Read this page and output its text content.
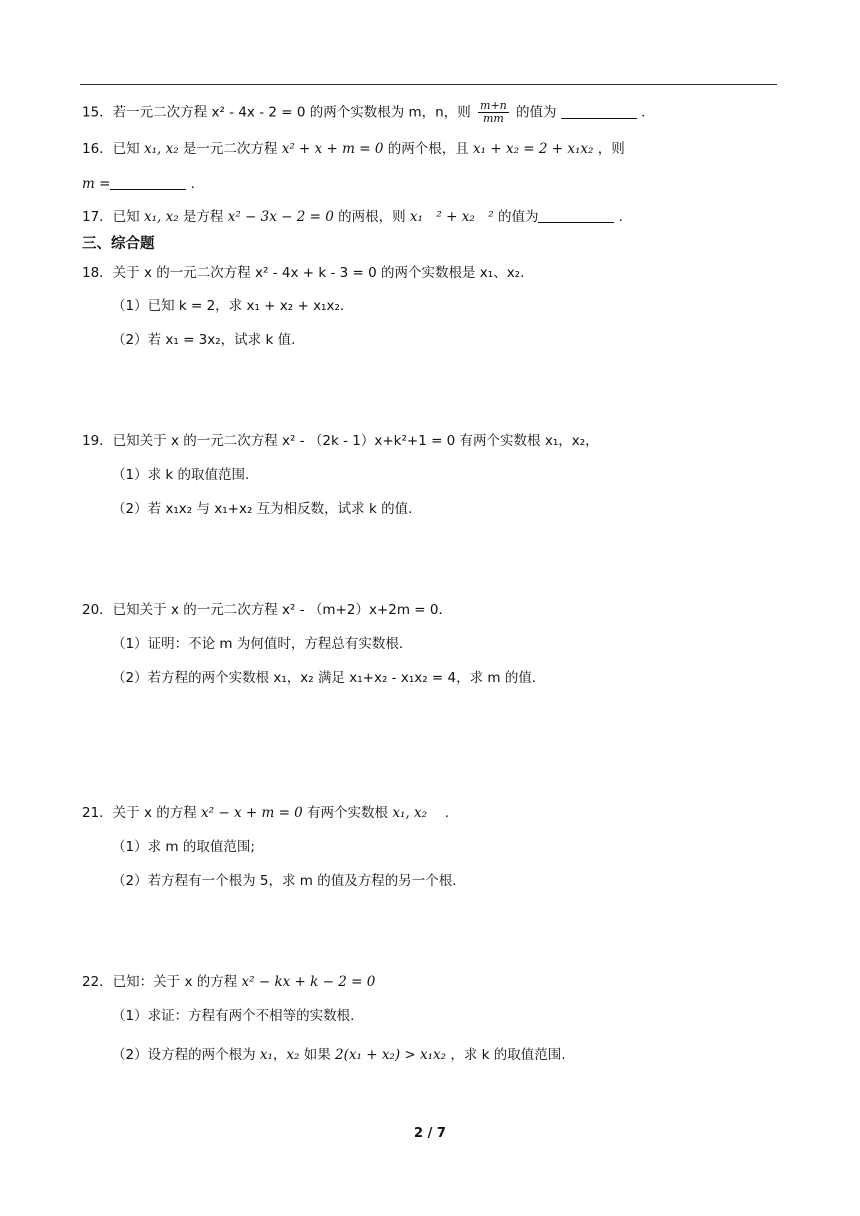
15．若一元二次方程 x² - 4x - 2 = 0 的两个实数根为 m，n，则 $\frac{m+n}{mm}$ 的值为	．
16．已知 x₁, x₂ 是一元二次方程 x² + x + m = 0 的两个根，且 x₁ + x₂ = 2 + x₁x₂ ，则
m =	．
17．已知 x₁, x₂ 是方程 x² − 3x − 2 = 0 的两根，则 x₁　² + x₂　² 的值为	．
三、综合题
18．关于 x 的一元二次方程 x² - 4x + k - 3 = 0 的两个实数根是 x₁、x₂.
（1）已知 k = 2，求 x₁ + x₂ + x₁x₂.
（2）若 x₁ = 3x₂，试求 k 值.
19．已知关于 x 的一元二次方程 x² - （2k - 1）x+k²+1 = 0 有两个实数根 x₁，x₂，
（1）求 k 的取值范围.
（2）若 x₁x₂ 与 x₁+x₂ 互为相反数，试求 k 的值.
20．已知关于 x 的一元二次方程 x² - （m+2）x+2m = 0．
（1）证明：不论 m 为何值时，方程总有实数根．
（2）若方程的两个实数根 x₁，x₂ 满足 x₁+x₂ - x₁x₂ = 4，求 m 的值．
21．关于 x 的方程 x² − x + m = 0 有两个实数根 x₁, x₂ 　．
（1）求 m 的取值范围;
（2）若方程有一个根为 5，求 m 的值及方程的另一个根．
22．已知：关于 x 的方程 x² − kx + k − 2 = 0
（1）求证：方程有两个不相等的实数根.
（2）设方程的两个根为 x₁，x₂ 如果 2(x₁ + x₂) > x₁x₂ ，求 k 的取值范围.
2 / 7
